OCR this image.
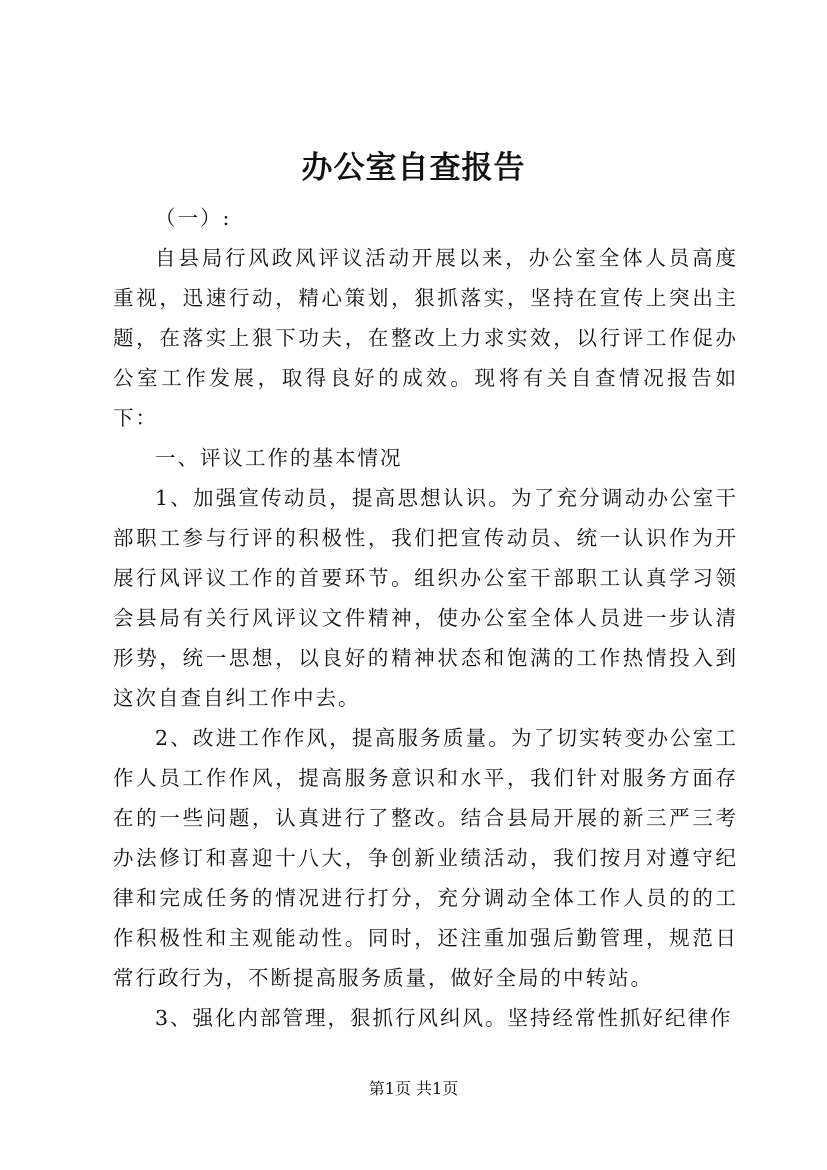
办公室自查报告

（一）:

自县局行风政风评议活动开展以来，办公室全体人员高度重视，迅速行动，精心策划，狠抓落实，坚持在宣传上突出主题，在落实上狠下功夫，在整改上力求实效，以行评工作促办公室工作发展，取得良好的成效。现将有关自查情况报告如下：

一、评议工作的基本情况

1、加强宣传动员，提高思想认识。为了充分调动办公室干部职工参与行评的积极性，我们把宣传动员、统一认识作为开展行风评议工作的首要环节。组织办公室干部职工认真学习领会县局有关行风评议文件精神，使办公室全体人员进一步认清形势，统一思想，以良好的精神状态和饱满的工作热情投入到这次自查自纠工作中去。

2、改进工作作风，提高服务质量。为了切实转变办公室工作人员工作作风，提高服务意识和水平，我们针对服务方面存在的一些问题，认真进行了整改。结合县局开展的新三严三考办法修订和喜迎十八大，争创新业绩活动，我们按月对遵守纪律和完成任务的情况进行打分，充分调动全体工作人员的的工作积极性和主观能动性。同时，还注重加强后勤管理，规范日常行政行为，不断提高服务质量，做好全局的中转站。

3、强化内部管理，狠抓行风纠风。坚持经常性抓好纪律作

第1页 共1页
